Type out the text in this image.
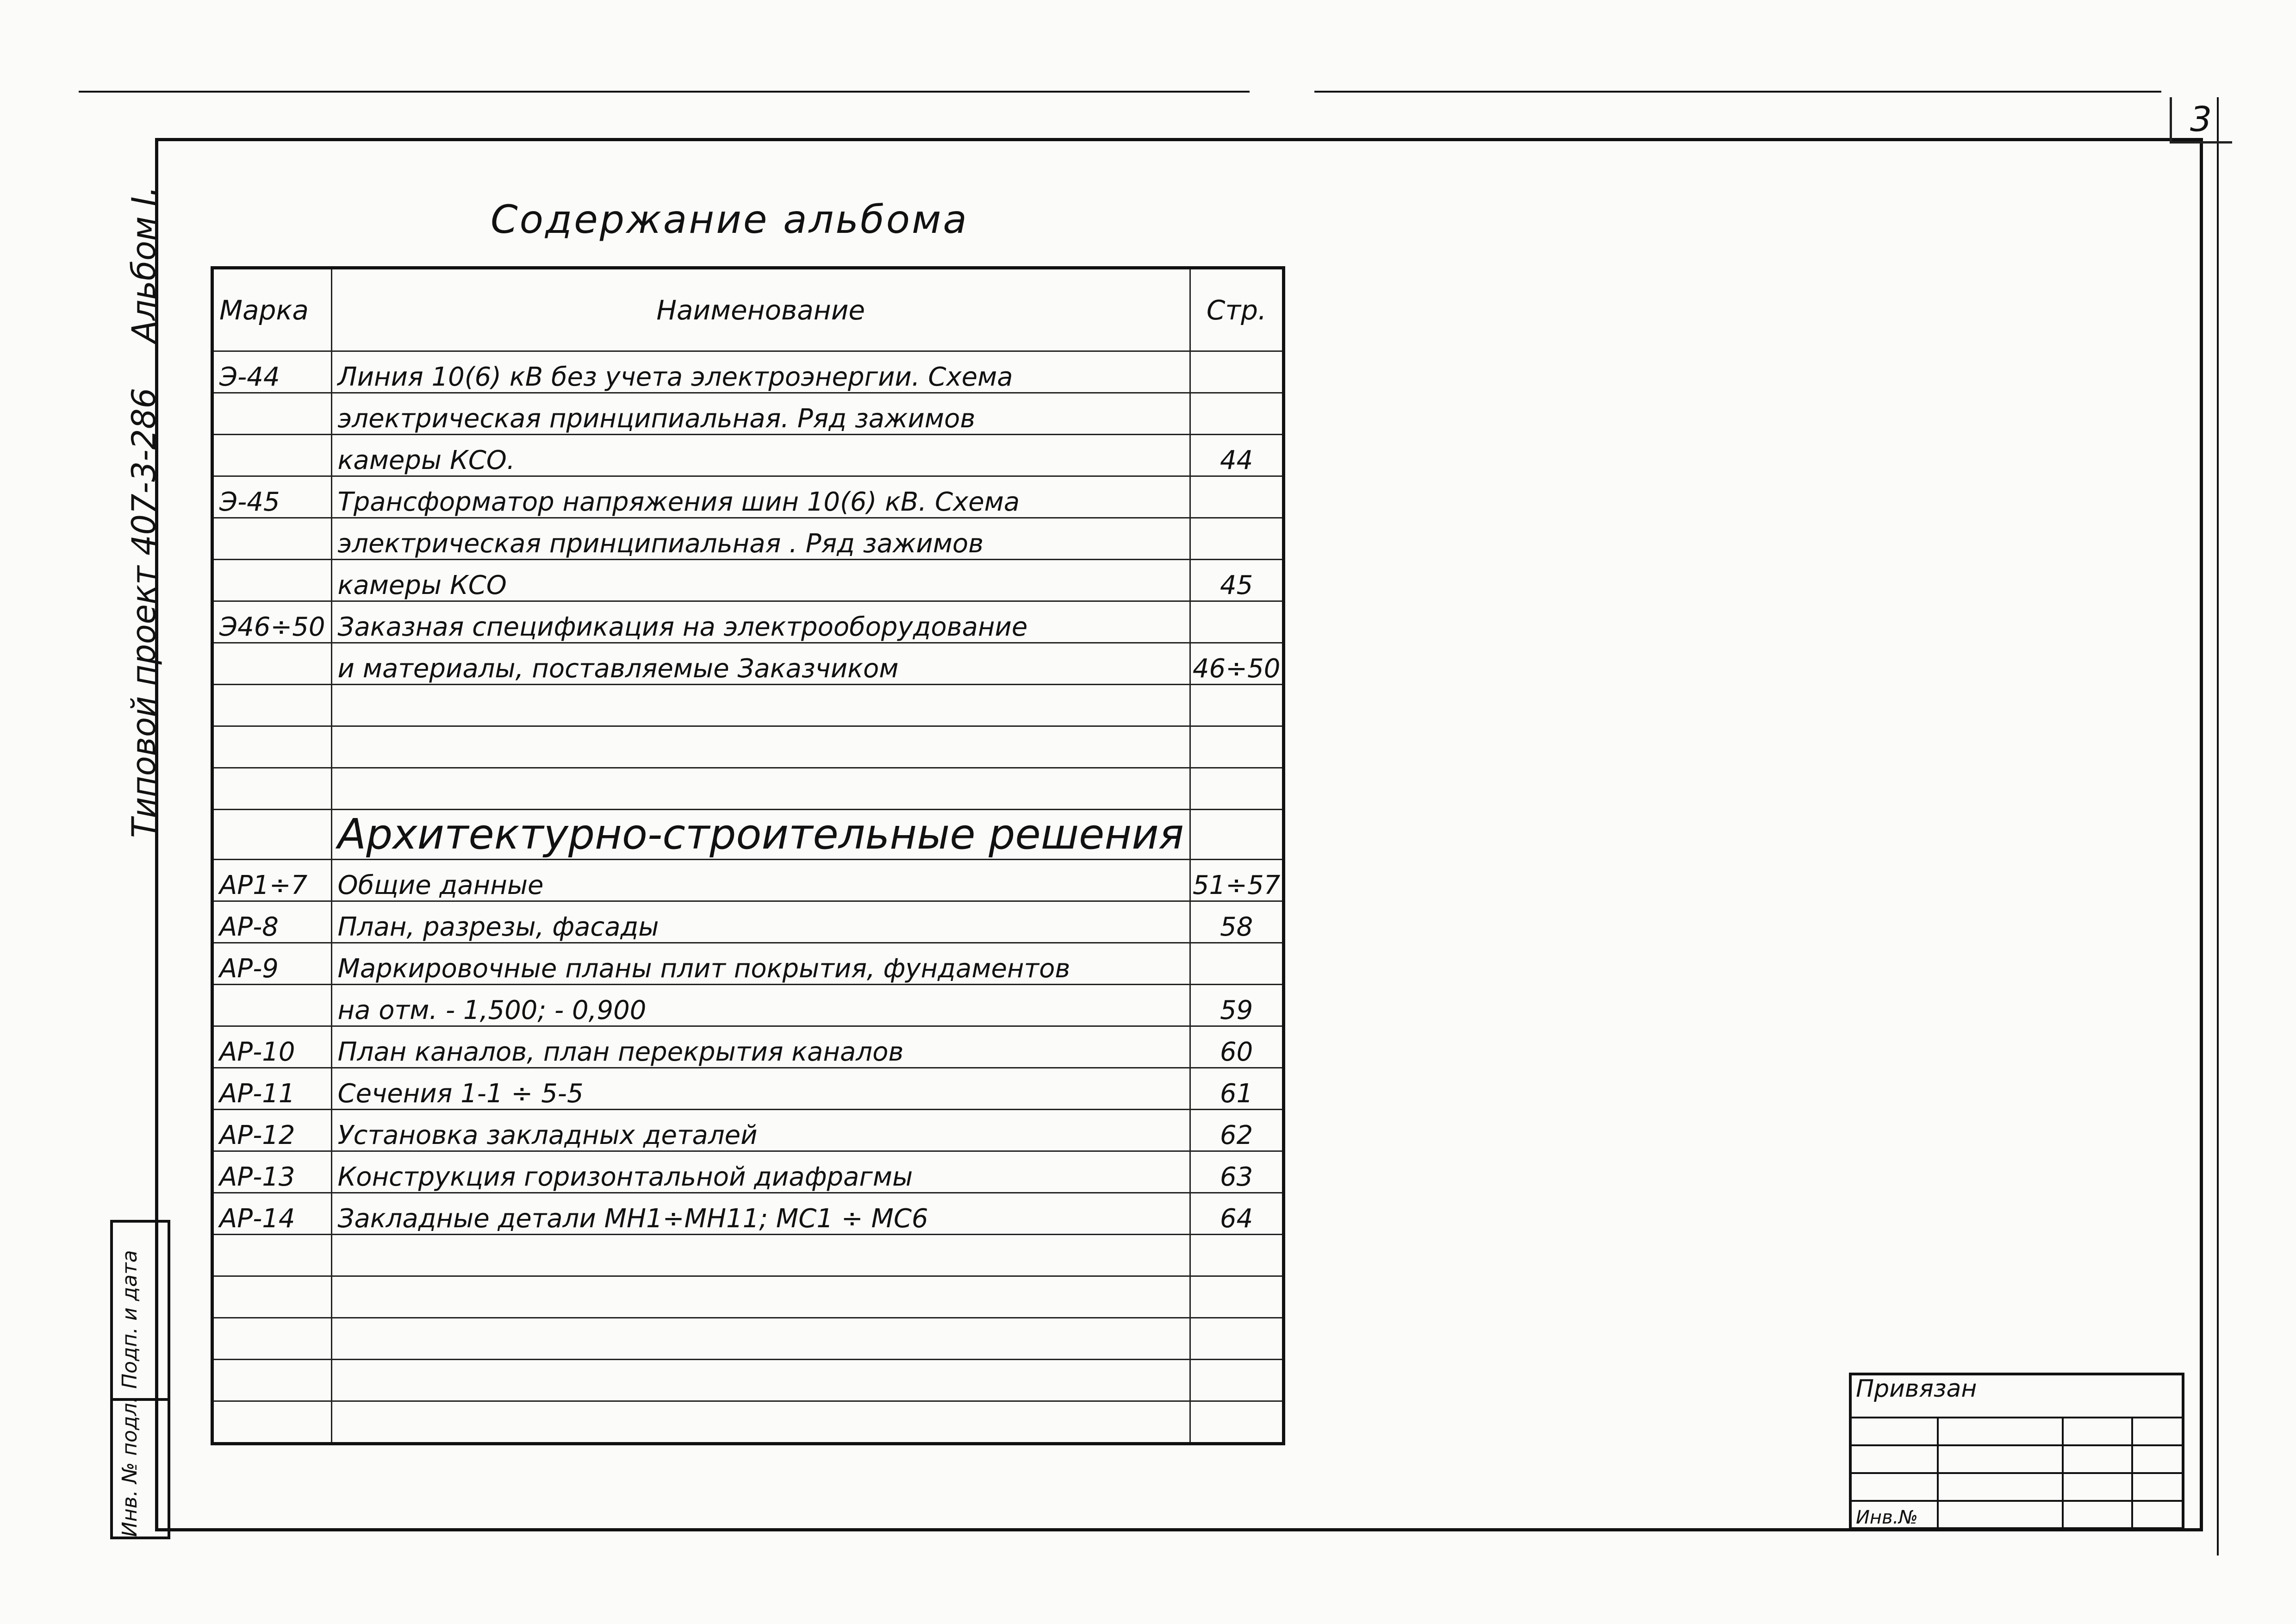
3
Альбом I.
Типовой проект 407-3-286
Подп. и дата
Инв. № подл.
Содержание альбома
Марка	Наименование	Стр.
Э-44	Линия 10(6) кВ без учета электроэнергии. Схема	
	электрическая принципиальная. Ряд зажимов	
	камеры КСО.	44
Э-45	Трансформатор напряжения шин 10(6) кВ. Схема	
	электрическая принципиальная . Ряд зажимов	
	камеры КСО	45
Э46÷50	Заказная спецификация на электрооборудование	
	и материалы, поставляемые Заказчиком	46÷50

	Архитектурно-строительные решения	
АР1÷7	Общие данные	51÷57
АР-8	План, разрезы, фасады	58
АР-9	Маркировочные планы плит покрытия, фундаментов	
	на отм. - 1,500; - 0,900	59
АР-10	План каналов, план перекрытия каналов	60
АР-11	Сечения 1-1 ÷ 5-5	61
АР-12	Установка закладных деталей	62
АР-13	Конструкция горизонтальной диафрагмы	63
АР-14	Закладные детали МН1÷МН11; МС1 ÷ МС6	64

Привязан
Инв.№
